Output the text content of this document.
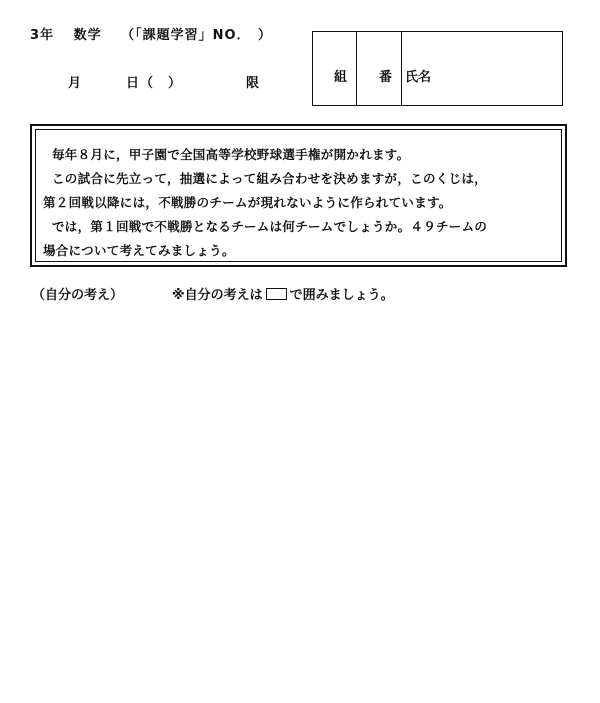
3年 数学 （「課題学習」NO．　）
月	日（　）	限	組 番 氏名
毎年８月に，甲子園で全国高等学校野球選手権が開かれます。
この試合に先立って，抽選によって組み合わせを決めますが，このくじは，
第２回戦以降には，不戦勝のチームが現れないように作られています。
では，第１回戦で不戦勝となるチームは何チームでしょうか。４９チームの
場合について考えてみましょう。
（自分の考え）	※自分の考えは で囲みましょう。
